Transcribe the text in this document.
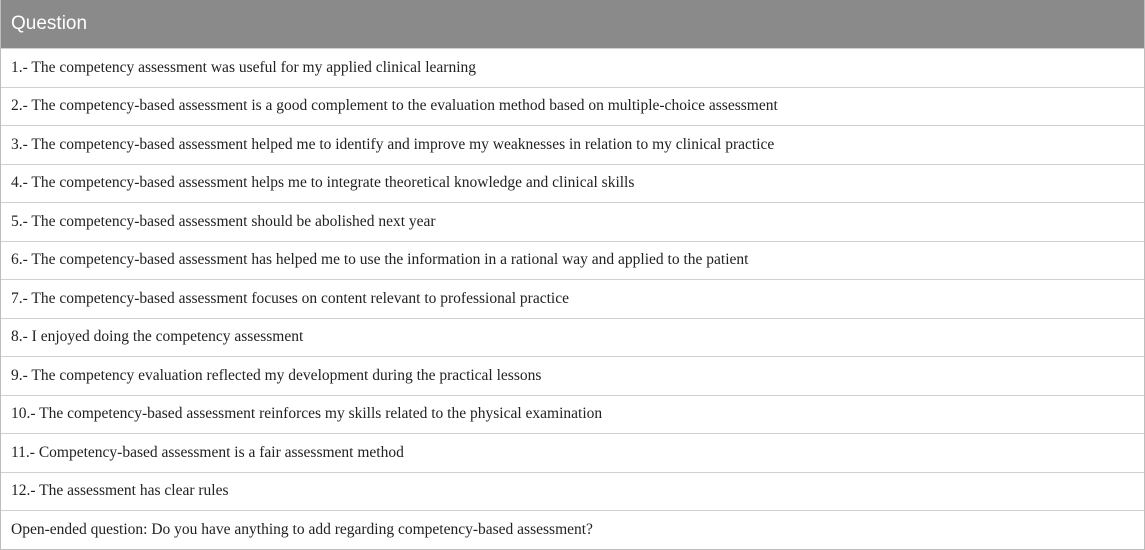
Question
1.- The competency assessment was useful for my applied clinical learning
2.- The competency-based assessment is a good complement to the evaluation method based on multiple-choice assessment
3.- The competency-based assessment helped me to identify and improve my weaknesses in relation to my clinical practice
4.- The competency-based assessment helps me to integrate theoretical knowledge and clinical skills
5.- The competency-based assessment should be abolished next year
6.- The competency-based assessment has helped me to use the information in a rational way and applied to the patient
7.- The competency-based assessment focuses on content relevant to professional practice
8.- I enjoyed doing the competency assessment
9.- The competency evaluation reflected my development during the practical lessons
10.- The competency-based assessment reinforces my skills related to the physical examination
11.- Competency-based assessment is a fair assessment method
12.- The assessment has clear rules
Open-ended question: Do you have anything to add regarding competency-based assessment?
